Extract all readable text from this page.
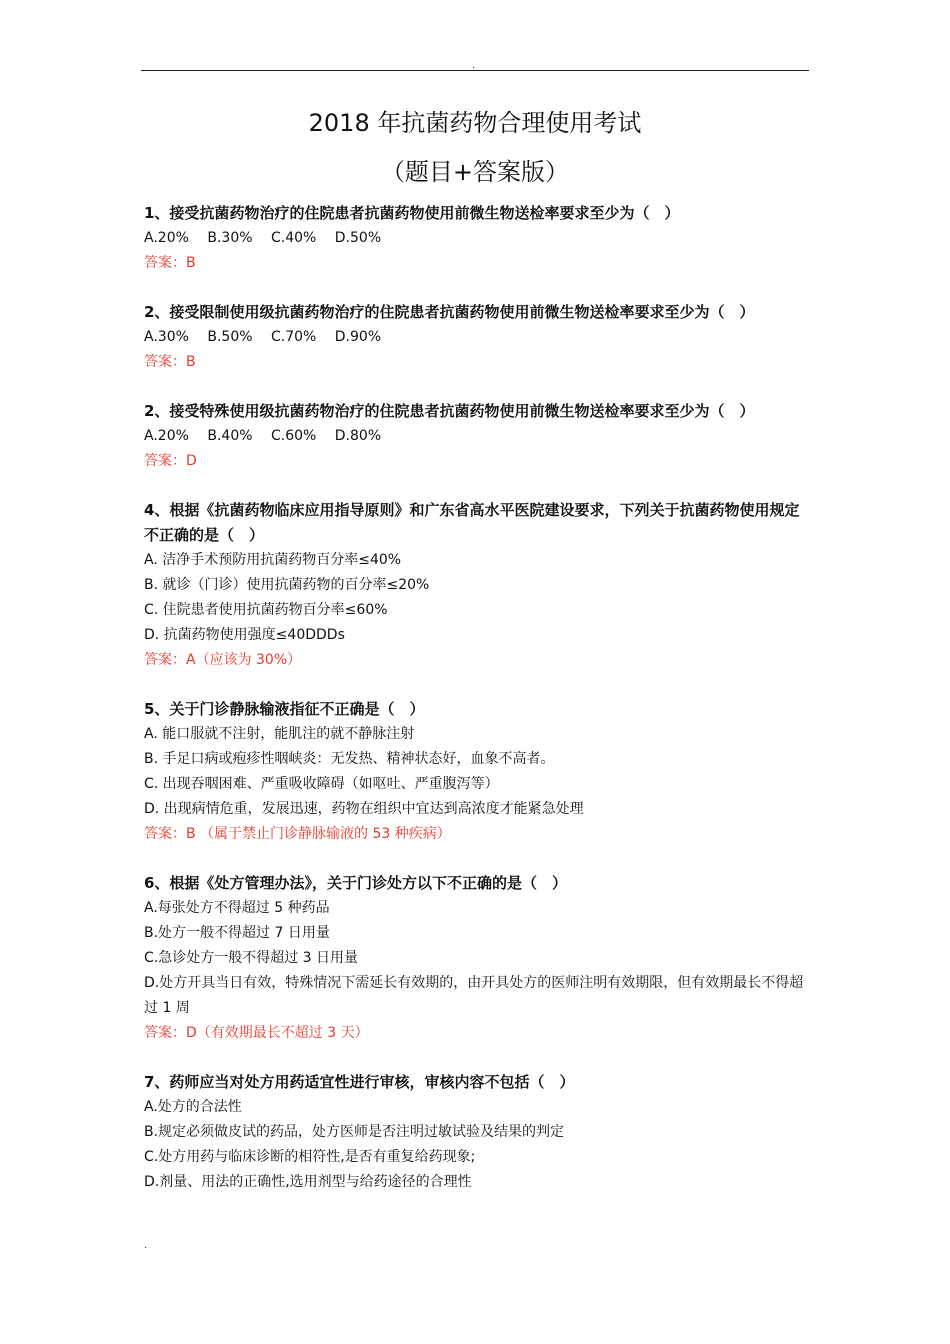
.
2018 年抗菌药物合理使用考试
（题目+答案版）
1、接受抗菌药物治疗的住院患者抗菌药物使用前微生物送检率要求至少为（　）
A.20% B.30% C.40% D.50%
答案：B
2、接受限制使用级抗菌药物治疗的住院患者抗菌药物使用前微生物送检率要求至少为（　）
A.30% B.50% C.70% D.90%
答案：B
2、接受特殊使用级抗菌药物治疗的住院患者抗菌药物使用前微生物送检率要求至少为（　）
A.20% B.40% C.60% D.80%
答案：D
4、根据《抗菌药物临床应用指导原则》和广东省高水平医院建设要求，下列关于抗菌药物使用规定不正确的是（　）
A. 洁净手术预防用抗菌药物百分率≤40%
B. 就诊（门诊）使用抗菌药物的百分率≤20%
C. 住院患者使用抗菌药物百分率≤60%
D. 抗菌药物使用强度≤40DDDs
答案：A（应该为 30%）
5、关于门诊静脉输液指征不正确是（　）
A. 能口服就不注射，能肌注的就不静脉注射
B. 手足口病或疱疹性咽峡炎：无发热、精神状态好，血象不高者。
C. 出现吞咽困难、严重吸收障碍（如呕吐、严重腹泻等）
D. 出现病情危重，发展迅速，药物在组织中宜达到高浓度才能紧急处理
答案：B （属于禁止门诊静脉输液的 53 种疾病）
6、根据《处方管理办法》，关于门诊处方以下不正确的是（　）
A.每张处方不得超过 5 种药品
B.处方一般不得超过 7 日用量
C.急诊处方一般不得超过 3 日用量
D.处方开具当日有效，特殊情况下需延长有效期的，由开具处方的医师注明有效期限，但有效期最长不得超过 1 周
答案：D（有效期最长不超过 3 天）
7、药师应当对处方用药适宜性进行审核，审核内容不包括（　）
A.处方的合法性
B.规定必须做皮试的药品，处方医师是否注明过敏试验及结果的判定
C.处方用药与临床诊断的相符性,是否有重复给药现象;
D.剂量、用法的正确性,选用剂型与给药途径的合理性
.
